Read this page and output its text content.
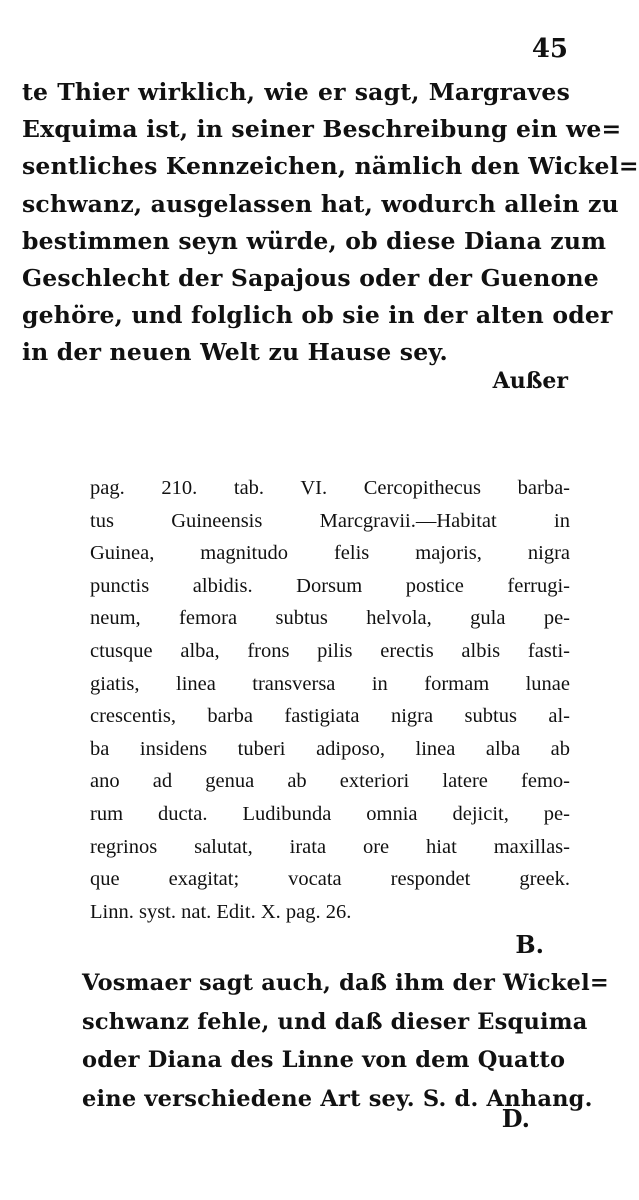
45
te Thier wirklich, wie er sagt, Margraves
Exquima ist, in seiner Beschreibung ein we=
sentliches Kennzeichen, nämlich den Wickel=
schwanz, ausgelassen hat, wodurch allein zu
bestimmen seyn würde, ob diese Diana zum
Geschlecht der Sapajous oder der Guenone
gehöre, und folglich ob sie in der alten oder
in der neuen Welt zu Hause sey.
Außer
pag. 210. tab. VI. Cercopithecus barba-
tus Guineensis Marcgravii.—Habitat in
Guinea, magnitudo felis majoris, nigra
punctis albidis. Dorsum postice ferrugi-
neum, femora subtus helvola, gula pe-
ctusque alba, frons pilis erectis albis fasti-
giatis, linea transversa in formam lunae
crescentis, barba fastigiata nigra subtus al-
ba insidens tuberi adiposo, linea alba ab
ano ad genua ab exteriori latere femo-
rum ducta. Ludibunda omnia dejicit, pe-
regrinos salutat, irata ore hiat maxillas-
que exagitat; vocata respondet greek.
Linn. syst. nat. Edit. X. pag. 26.
B.
Vosmaer sagt auch, daß ihm der Wickel=
schwanz fehle, und daß dieser Esquima
oder Diana des Linne von dem Quatto
eine verschiedene Art sey. S. d. Anhang.
D.
